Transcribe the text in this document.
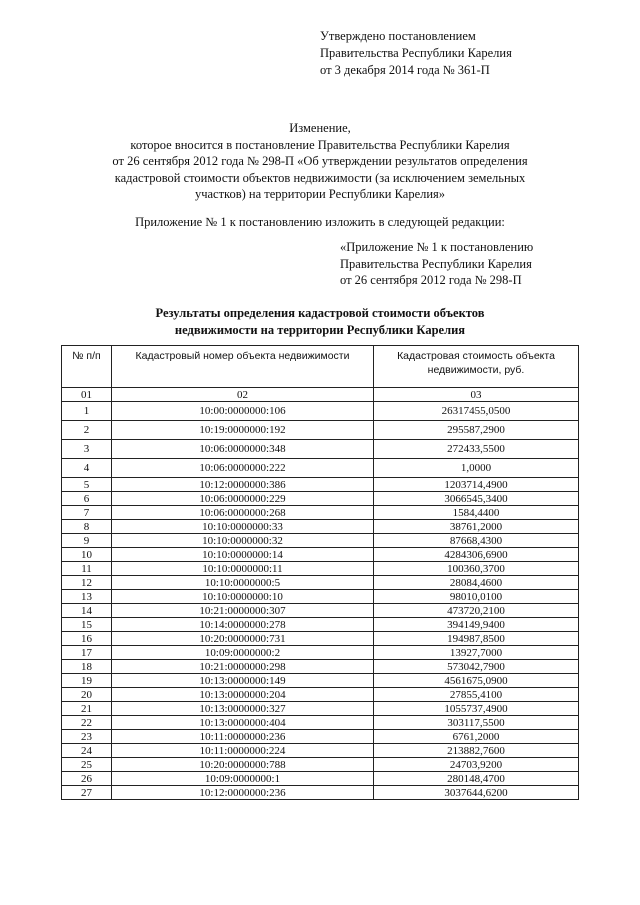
Утверждено постановлением
Правительства Республики Карелия
от 3 декабря 2014 года № 361-П
Изменение,
которое вносится в постановление Правительства Республики Карелия
от 26 сентября 2012 года № 298-П «Об утверждении результатов определения
кадастровой стоимости объектов недвижимости (за исключением земельных
участков) на территории Республики Карелия»
Приложение № 1 к постановлению изложить в следующей редакции:
«Приложение № 1 к постановлению
Правительства Республики Карелия
от 26 сентября 2012 года № 298-П
Результаты определения кадастровой стоимости объектов
недвижимости на территории Республики Карелия
№ п/п	Кадастровый номер объекта недвижимости	Кадастровая стоимость объекта недвижимости, руб.
01	02	03
1	10:00:0000000:106	26317455,0500
2	10:19:0000000:192	295587,2900
3	10:06:0000000:348	272433,5500
4	10:06:0000000:222	1,0000
5	10:12:0000000:386	1203714,4900
6	10:06:0000000:229	3066545,3400
7	10:06:0000000:268	1584,4400
8	10:10:0000000:33	38761,2000
9	10:10:0000000:32	87668,4300
10	10:10:0000000:14	4284306,6900
11	10:10:0000000:11	100360,3700
12	10:10:0000000:5	28084,4600
13	10:10:0000000:10	98010,0100
14	10:21:0000000:307	473720,2100
15	10:14:0000000:278	394149,9400
16	10:20:0000000:731	194987,8500
17	10:09:0000000:2	13927,7000
18	10:21:0000000:298	573042,7900
19	10:13:0000000:149	4561675,0900
20	10:13:0000000:204	27855,4100
21	10:13:0000000:327	1055737,4900
22	10:13:0000000:404	303117,5500
23	10:11:0000000:236	6761,2000
24	10:11:0000000:224	213882,7600
25	10:20:0000000:788	24703,9200
26	10:09:0000000:1	280148,4700
27	10:12:0000000:236	3037644,6200
